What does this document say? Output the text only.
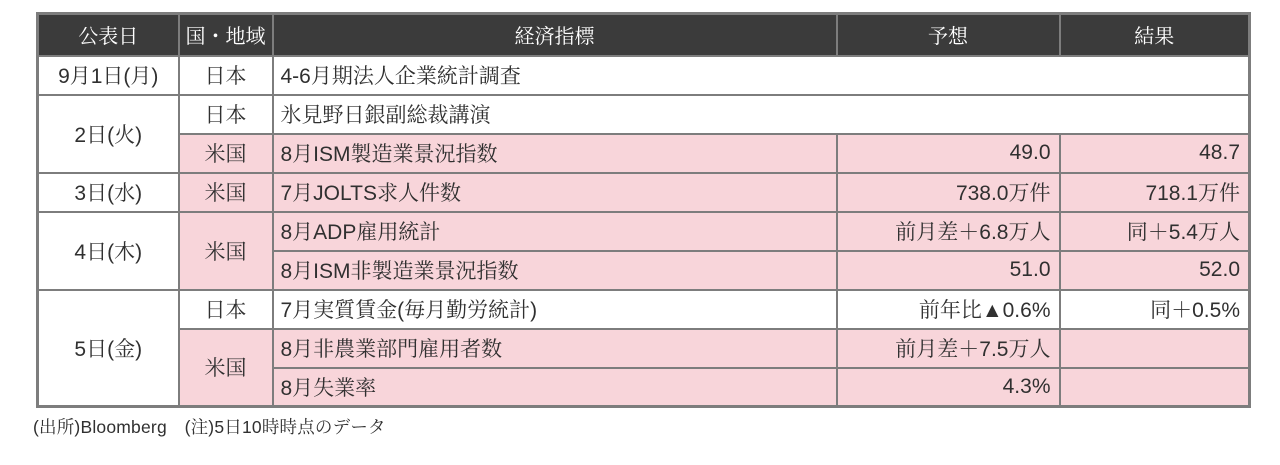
公表日	国・地域	経済指標	予想	結果
9月1日(月)	日本	4-6月期法人企業統計調査		
2日(火)	日本	氷見野日銀副総裁講演		
	米国	8月ISM製造業景況指数	49.0	48.7
3日(水)	米国	7月JOLTS求人件数	738.0万件	718.1万件
4日(木)	米国	8月ADP雇用統計	前月差＋6.8万人	同＋5.4万人
		8月ISM非製造業景況指数	51.0	52.0
5日(金)	日本	7月実質賃金(毎月勤労統計)	前年比▲0.6%	同＋0.5%
	米国	8月非農業部門雇用者数	前月差＋7.5万人	
		8月失業率	4.3%	
(出所)Bloomberg　(注)5日10時時点のデータ
